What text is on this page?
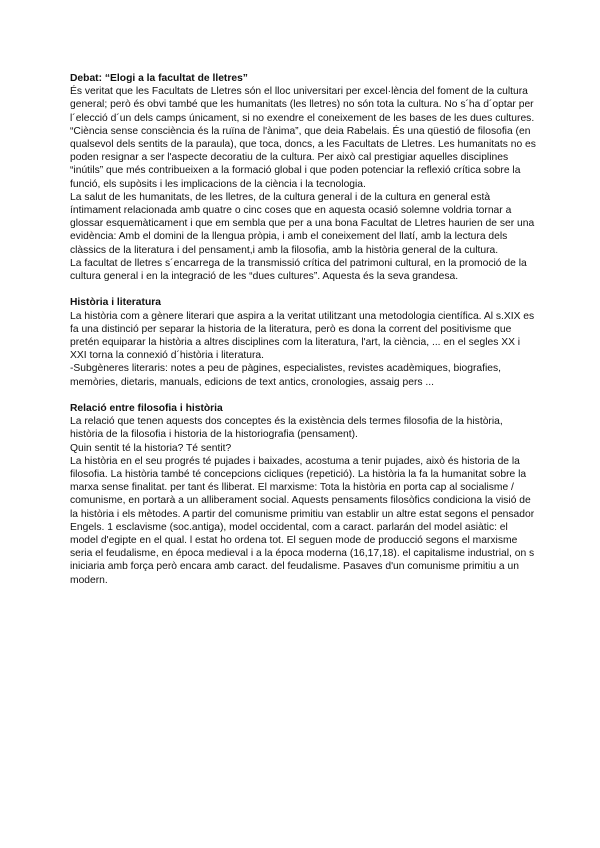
Debat: “Elogi a la facultat de lletres”

És veritat que les Facultats de Lletres són el lloc universitari per excel·lència del foment de la cultura general; però és obvi també que les humanitats (les lletres) no són tota la cultura. No s´ha d´optar per l´elecció d´un dels camps únicament, si no exendre el coneixement de les bases de les dues cultures.

“Ciència sense consciència és la ruïna de l'ànima”, que deia Rabelais. És una qüestió de filosofia (en qualsevol dels sentits de la paraula), que toca, doncs, a les Facultats de Lletres. Les humanitats no es poden resignar a ser l'aspecte decoratiu de la cultura. Per això cal prestigiar aquelles disciplines “inútils” que més contribueixen a la formació global i que poden potenciar la reflexió crítica sobre la funció, els supòsits i les implicacions de la ciència i la tecnologia.

La salut de les humanitats, de les lletres, de la cultura general i de la cultura en general està íntimament relacionada amb quatre o cinc coses que en aquesta ocasió solemne voldria tornar a glossar esquemàticament i que em sembla que per a una bona Facultat de Lletres haurien de ser una evidència: Amb el domini de la llengua pròpia, i amb el coneixement del llatí, amb la lectura dels clàssics de la literatura i del pensament,i amb la filosofia, amb la història general de la cultura.

La facultat de lletres s´encarrega de la transmissió crítica del patrimoni cultural, en la promoció de la cultura general i en la integració de les “dues cultures”. Aquesta és la seva grandesa.

Història i literatura

La història com a gènere literari que aspira a la veritat utilitzant una metodologia científica. Al s.XIX es fa una distinció per separar la historia de la literatura, però es dona la corrent del positivisme que pretén equiparar la història a altres disciplines com la literatura, l'art, la ciència, ... en el segles XX i XXI torna la connexió d´història i literatura.

-Subgèneres literaris: notes a peu de pàgines, especialistes, revistes acadèmiques, biografies, memòries, dietaris, manuals, edicions de text antics, cronologies, assaig pers ...

Relació entre filosofia i història

La relació que tenen aquests dos conceptes és la existència dels termes filosofia de la història, història de la filosofia i historia de la historiografia (pensament).

Quin sentit té la historia? Té sentit?

La història en el seu progrés té pujades i baixades, acostuma a tenir pujades, això és historia de la filosofia. La història també té concepcions cicliques (repetició). La història la fa la humanitat sobre la marxa sense finalitat. per tant és lliberat. El marxisme: Tota la història en porta cap al socialisme / comunisme, en portarà a un alliberament social. Aquests pensaments filosòfics condiciona la visió de la història i els mètodes. A partir del comunisme primitiu van establir un altre estat segons el pensador Engels. 1 esclavisme (soc.antiga), model occidental, com a caract. parlarán del model asiàtic: el model d'egipte en el qual. l estat ho ordena tot. El seguen mode de producció segons el marxisme seria el feudalisme, en época medieval i a la época moderna (16,17,18). el capitalisme industrial, on s iniciaria amb força però encara amb caract. del feudalisme. Pasaves d'un comunisme primitiu a un modern.
